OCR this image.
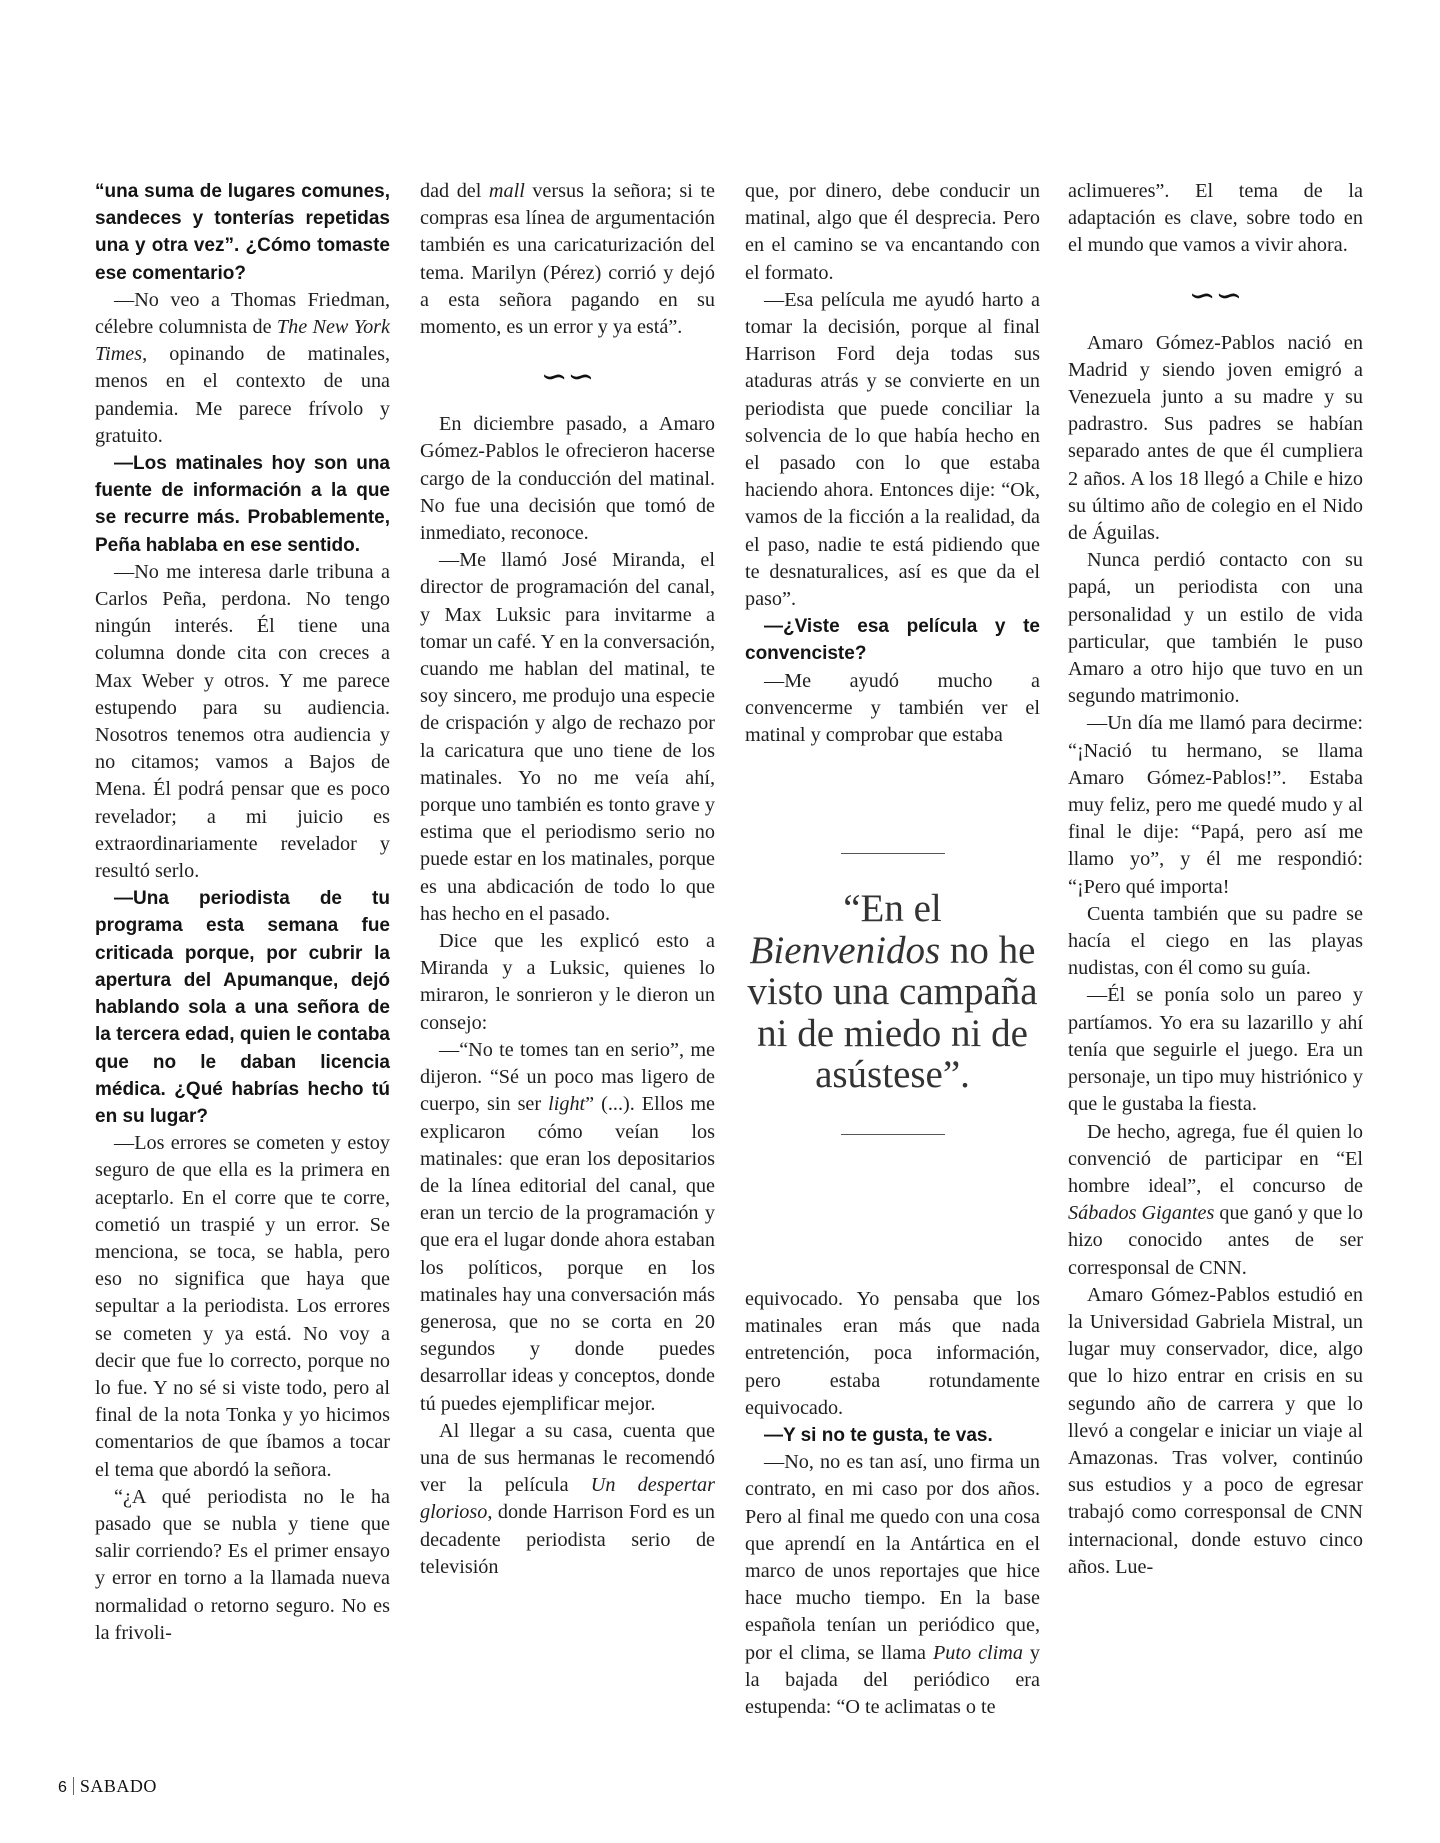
“una suma de lugares comunes, sandeces y tonterías repetidas una y otra vez”. ¿Cómo tomaste ese comentario?

—No veo a Thomas Friedman, célebre columnista de The New York Times, opinando de matinales, menos en el contexto de una pandemia. Me parece frívolo y gratuito.

—Los matinales hoy son una fuente de información a la que se recurre más. Probablemente, Peña hablaba en ese sentido.

—No me interesa darle tribuna a Carlos Peña, perdona. No tengo ningún interés. Él tiene una columna donde cita con creces a Max Weber y otros. Y me parece estupendo para su audiencia. Nosotros tenemos otra audiencia y no citamos; vamos a Bajos de Mena. Él podrá pensar que es poco revelador; a mi juicio es extraordinariamente revelador y resultó serlo.

—Una periodista de tu programa esta semana fue criticada porque, por cubrir la apertura del Apumanque, dejó hablando sola a una señora de la tercera edad, quien le contaba que no le daban licencia médica. ¿Qué habrías hecho tú en su lugar?

—Los errores se cometen y estoy seguro de que ella es la primera en aceptarlo. En el corre que te corre, cometió un traspié y un error. Se menciona, se toca, se habla, pero eso no significa que haya que sepultar a la periodista. Los errores se cometen y ya está. No voy a decir que fue lo correcto, porque no lo fue. Y no sé si viste todo, pero al final de la nota Tonka y yo hicimos comentarios de que íbamos a tocar el tema que abordó la señora.

“¿A qué periodista no le ha pasado que se nubla y tiene que salir corriendo? Es el primer ensayo y error en torno a la llamada nueva normalidad o retorno seguro. No es la frivoli-

dad del mall versus la señora; si te compras esa línea de argumentación también es una caricaturización del tema. Marilyn (Pérez) corrió y dejó a esta señora pagando en su momento, es un error y ya está”.

∽∽

En diciembre pasado, a Amaro Gómez-Pablos le ofrecieron hacerse cargo de la conducción del matinal. No fue una decisión que tomó de inmediato, reconoce.

—Me llamó José Miranda, el director de programación del canal, y Max Luksic para invitarme a tomar un café. Y en la conversación, cuando me hablan del matinal, te soy sincero, me produjo una especie de crispación y algo de rechazo por la caricatura que uno tiene de los matinales. Yo no me veía ahí, porque uno también es tonto grave y estima que el periodismo serio no puede estar en los matinales, porque es una abdicación de todo lo que has hecho en el pasado.

Dice que les explicó esto a Miranda y a Luksic, quienes lo miraron, le sonrieron y le dieron un consejo:

—“No te tomes tan en serio”, me dijeron. “Sé un poco mas ligero de cuerpo, sin ser light” (...). Ellos me explicaron cómo veían los matinales: que eran los depositarios de la línea editorial del canal, que eran un tercio de la programación y que era el lugar donde ahora estaban los políticos, porque en los matinales hay una conversación más generosa, que no se corta en 20 segundos y donde puedes desarrollar ideas y conceptos, donde tú puedes ejemplificar mejor.

Al llegar a su casa, cuenta que una de sus hermanas le recomendó ver la película Un despertar glorioso, donde Harrison Ford es un decadente periodista serio de televisión

que, por dinero, debe conducir un matinal, algo que él desprecia. Pero en el camino se va encantando con el formato.

—Esa película me ayudó harto a tomar la decisión, porque al final Harrison Ford deja todas sus ataduras atrás y se convierte en un periodista que puede conciliar la solvencia de lo que había hecho en el pasado con lo que estaba haciendo ahora. Entonces dije: “Ok, vamos de la ficción a la realidad, da el paso, nadie te está pidiendo que te desnaturalices, así es que da el paso”.

—¿Viste esa película y te convenciste?

—Me ayudó mucho a convencerme y también ver el matinal y comprobar que estaba

“En el Bienvenidos no he visto una campaña ni de miedo ni de asústese”.

equivocado. Yo pensaba que los matinales eran más que nada entretención, poca información, pero estaba rotundamente equivocado.

—Y si no te gusta, te vas.

—No, no es tan así, uno firma un contrato, en mi caso por dos años. Pero al final me quedo con una cosa que aprendí en la Antártica en el marco de unos reportajes que hice hace mucho tiempo. En la base española tenían un periódico que, por el clima, se llama Puto clima y la bajada del periódico era estupenda: “O te aclimatas o te

aclimueres”. El tema de la adaptación es clave, sobre todo en el mundo que vamos a vivir ahora.

∽∽

Amaro Gómez-Pablos nació en Madrid y siendo joven emigró a Venezuela junto a su madre y su padrastro. Sus padres se habían separado antes de que él cumpliera 2 años. A los 18 llegó a Chile e hizo su último año de colegio en el Nido de Águilas.

Nunca perdió contacto con su papá, un periodista con una personalidad y un estilo de vida particular, que también le puso Amaro a otro hijo que tuvo en un segundo matrimonio.

—Un día me llamó para decirme: “¡Nació tu hermano, se llama Amaro Gómez-Pablos!”. Estaba muy feliz, pero me quedé mudo y al final le dije: “Papá, pero así me llamo yo”, y él me respondió: “¡Pero qué importa!

Cuenta también que su padre se hacía el ciego en las playas nudistas, con él como su guía.

—Él se ponía solo un pareo y partíamos. Yo era su lazarillo y ahí tenía que seguirle el juego. Era un personaje, un tipo muy histriónico y que le gustaba la fiesta.

De hecho, agrega, fue él quien lo convenció de participar en “El hombre ideal”, el concurso de Sábados Gigantes que ganó y que lo hizo conocido antes de ser corresponsal de CNN.

Amaro Gómez-Pablos estudió en la Universidad Gabriela Mistral, un lugar muy conservador, dice, algo que lo hizo entrar en crisis en su segundo año de carrera y que lo llevó a congelar e iniciar un viaje al Amazonas. Tras volver, continúo sus estudios y a poco de egresar trabajó como corresponsal de CNN internacional, donde estuvo cinco años. Lue-

6 SABADO
